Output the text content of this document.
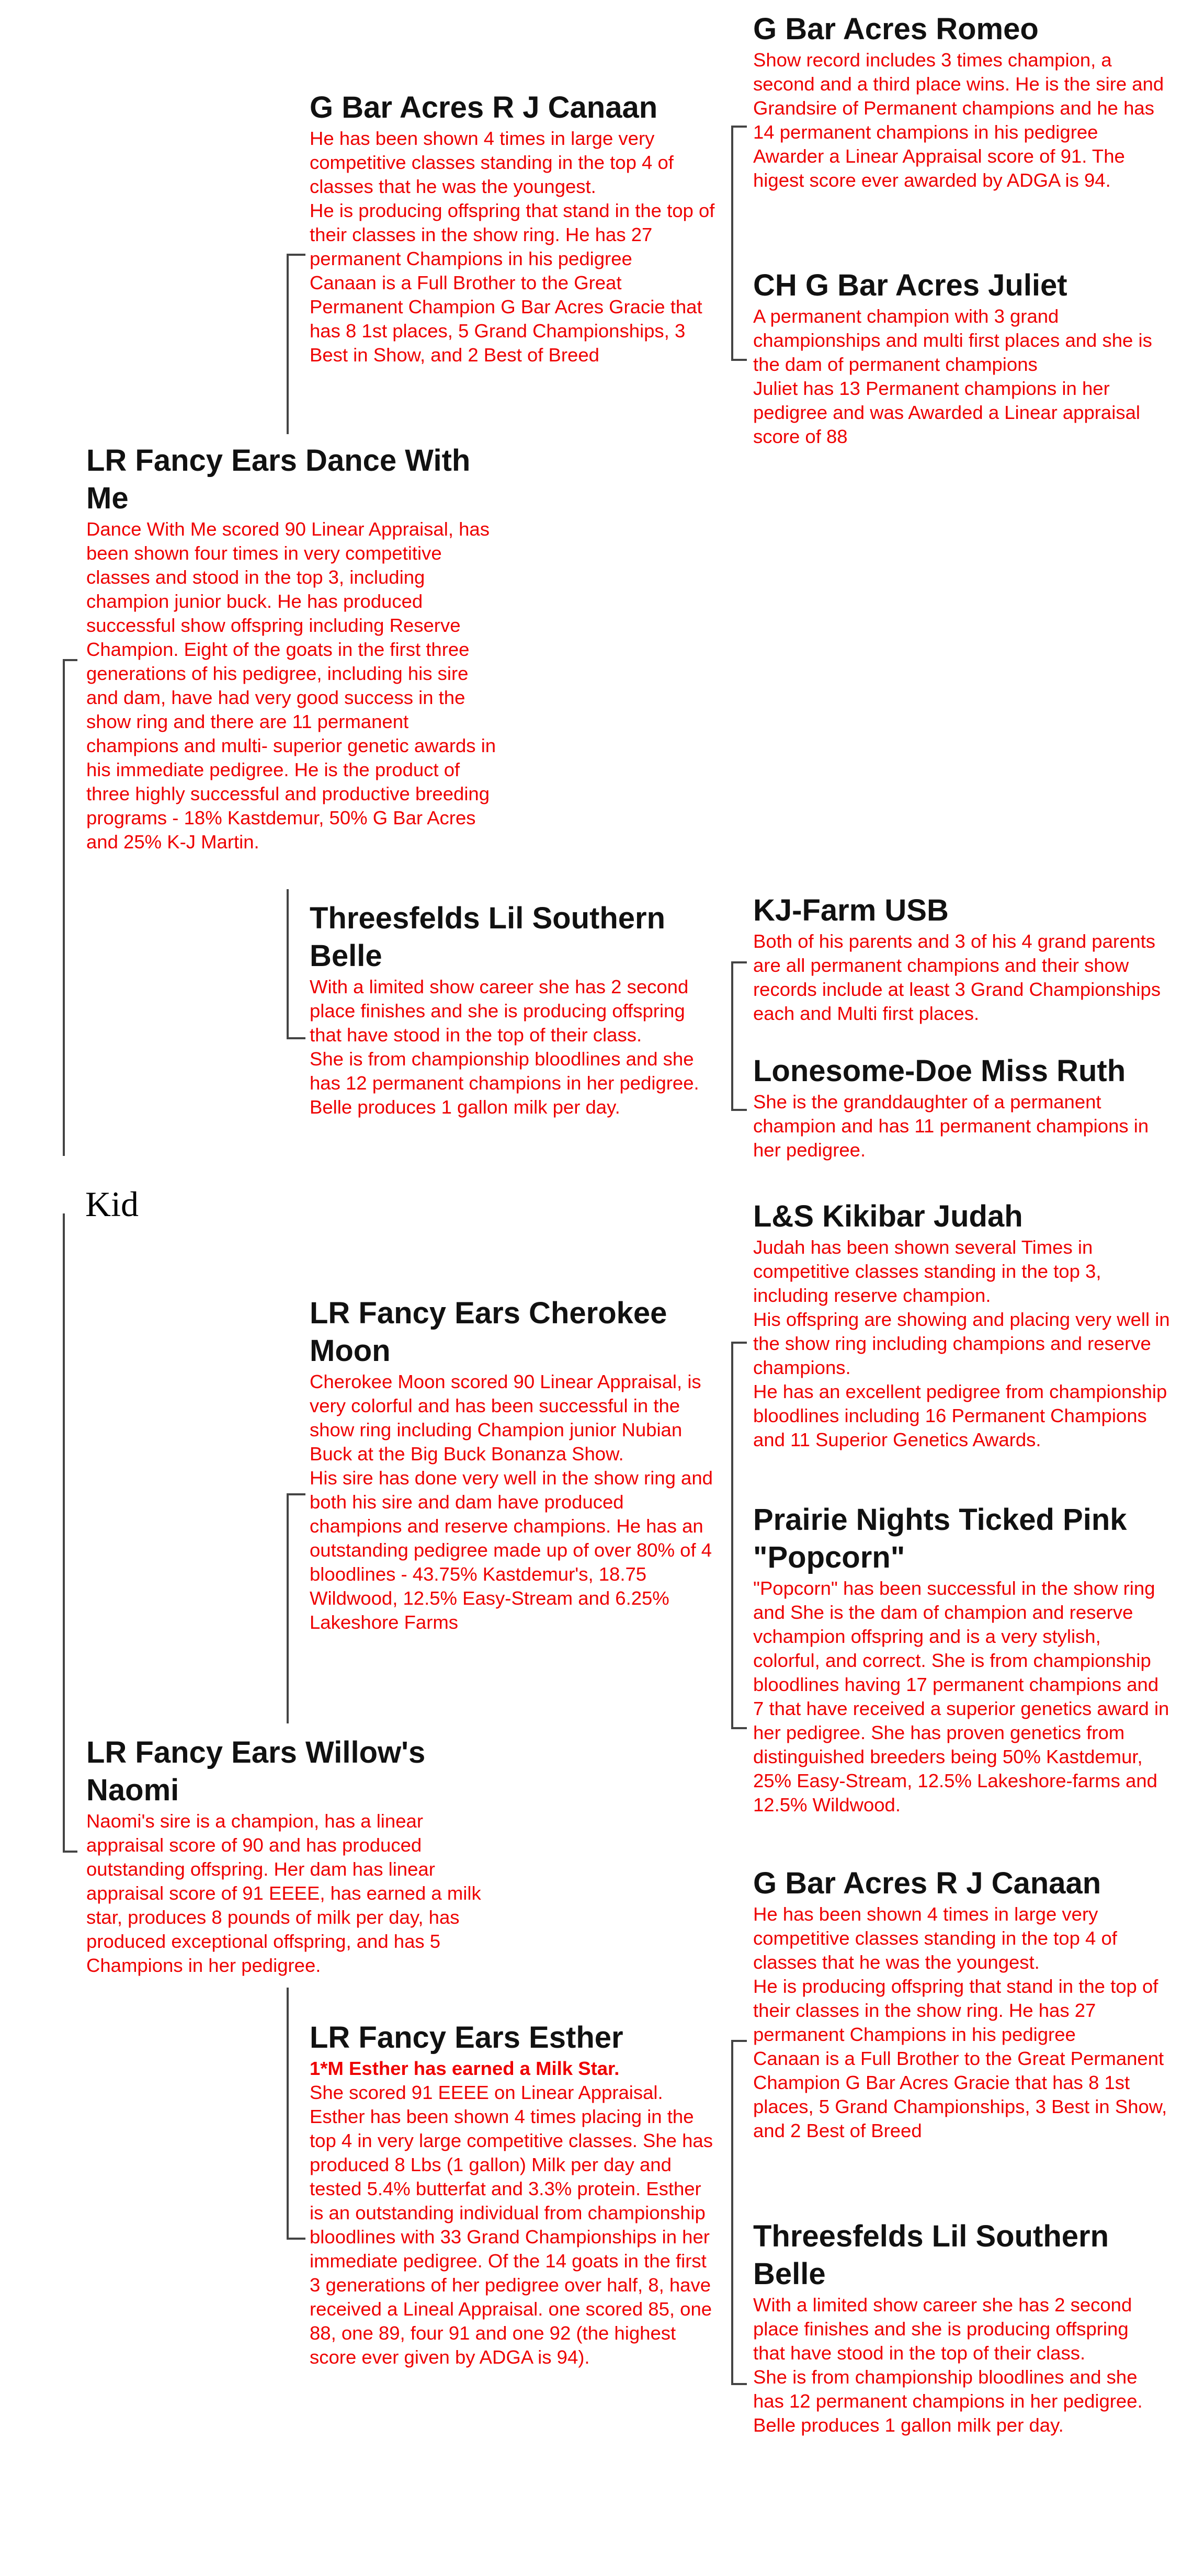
Kid
LR Fancy Ears Dance With Me

Dance With Me scored 90 Linear Appraisal, has been shown four times in very competitive classes and stood in the top 3, including champion junior buck. He has produced successful show offspring including Reserve Champion. Eight of the goats in the first three generations of his pedigree, including his sire and dam, have had very good success in the show ring and there are 11 permanent champions and multi- superior genetic awards in his immediate pedigree. He is the product of three highly successful and productive breeding programs - 18% Kastdemur, 50% G Bar Acres and 25% K-J Martin.

LR Fancy Ears Willow's Naomi

Naomi's sire is a champion, has a linear appraisal score of 90 and has produced outstanding offspring. Her dam has linear appraisal score of 91 EEEE, has earned a milk star, produces 8 pounds of milk per day, has produced exceptional offspring, and has 5 Champions in her pedigree.

G Bar Acres R J Canaan

He has been shown 4 times in large very competitive classes standing in the top 4 of classes that he was the youngest.

He is producing offspring that stand in the top of their classes in the show ring. He has 27 permanent Champions in his pedigree

Canaan is a Full Brother to the Great Permanent Champion G Bar Acres Gracie that has 8 1st places, 5 Grand Championships, 3 Best in Show, and 2 Best of Breed

Threesfelds Lil Southern Belle

With a limited show career she has 2 second place finishes and she is producing offspring that have stood in the top of their class.

She is from championship bloodlines and she has 12 permanent champions in her pedigree. Belle produces 1 gallon milk per day.

LR Fancy Ears Cherokee Moon

Cherokee Moon scored 90 Linear Appraisal, is very colorful and has been successful in the show ring including Champion junior Nubian Buck at the Big Buck Bonanza Show.

His sire has done very well in the show ring and both his sire and dam have produced champions and reserve champions. He has an outstanding pedigree made up of over 80% of 4 bloodlines - 43.75% Kastdemur's, 18.75 Wildwood, 12.5% Easy-Stream and 6.25% Lakeshore Farms

LR Fancy Ears Esther

1*M Esther has earned a Milk Star.

She scored 91 EEEE on Linear Appraisal. Esther has been shown 4 times placing in the top 4 in very large competitive classes. She has produced 8 Lbs (1 gallon) Milk per day and tested 5.4% butterfat and 3.3% protein. Esther is an outstanding individual from championship bloodlines with 33 Grand Championships in her immediate pedigree. Of the 14 goats in the first 3 generations of her pedigree over half, 8, have received a Lineal Appraisal. one scored 85, one 88, one 89, four 91 and one 92 (the highest score ever given by ADGA is 94).

G Bar Acres Romeo

Show record includes 3 times champion, a second and a third place wins. He is the sire and Grandsire of Permanent champions and he has 14 permanent champions in his pedigree

Awarder a Linear Appraisal score of 91. The higest score ever awarded by ADGA is 94.

CH G Bar Acres Juliet

A permanent champion with 3 grand championships and multi first places and she is the dam of permanent champions

Juliet has 13 Permanent champions in her pedigree and was Awarded a Linear appraisal score of 88

KJ-Farm USB

Both of his parents and 3 of his 4 grand parents are all permanent champions and their show records include at least 3 Grand Championships each and Multi first places.

Lonesome-Doe Miss Ruth

She is the granddaughter of a permanent champion and has 11 permanent champions in her pedigree.

L&S Kikibar Judah

Judah has been shown several Times in competitive classes standing in the top 3, including reserve champion.

His offspring are showing and placing very well in the show ring including champions and reserve champions.

He has an excellent pedigree from championship bloodlines including 16 Permanent Champions and 11 Superior Genetics Awards.

Prairie Nights Ticked Pink "Popcorn"

"Popcorn" has been successful in the show ring and She is the dam of champion and reserve vchampion offspring and is a very stylish, colorful, and correct. She is from championship bloodlines having 17 permanent champions and 7 that have received a superior genetics award in her pedigree. She has proven genetics from distinguished breeders being 50% Kastdemur, 25% Easy-Stream, 12.5% Lakeshore-farms and 12.5% Wildwood.

G Bar Acres R J Canaan

He has been shown 4 times in large very competitive classes standing in the top 4 of classes that he was the youngest.

He is producing offspring that stand in the top of their classes in the show ring. He has 27 permanent Champions in his pedigree

Canaan is a Full Brother to the Great Permanent Champion G Bar Acres Gracie that has 8 1st places, 5 Grand Championships, 3 Best in Show, and 2 Best of Breed

Threesfelds Lil Southern Belle

With a limited show career she has 2 second place finishes and she is producing offspring that have stood in the top of their class.

She is from championship bloodlines and she has 12 permanent champions in her pedigree. Belle produces 1 gallon milk per day.
